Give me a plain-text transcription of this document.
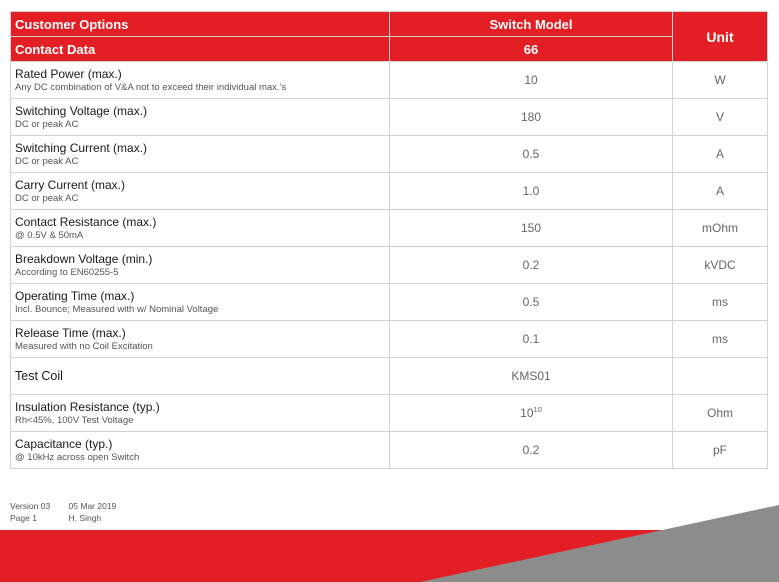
Customer Options	Switch Model	Unit
Contact Data	66	

Rated Power (max.)
Any DC combination of V&A not to exceed their individual max.’s	10	W

Switching Voltage (max.)
DC or peak AC	180	V

Switching Current (max.)
DC or peak AC	0.5	A

Carry Current (max.)
DC or peak AC	1.0	A

Contact Resistance (max.)
@ 0.5V & 50mA	150	mOhm

Breakdown Voltage (min.)
According to EN60255-5	0.2	kVDC

Operating Time (max.)
Incl. Bounce; Measured with w/ Nominal Voltage	0.5	ms

Release Time (max.)
Measured with no Coil Excitation	0.1	ms

Test Coil	KMS01	

Insulation Resistance (typ.)
Rh<45%, 100V Test Voltage	$10^{10}$	Ohm

Capacitance (typ.)
@ 10kHz across open Switch	0.2	pF
Version 03
Page 1

05 Mar 2019
H. Singh
